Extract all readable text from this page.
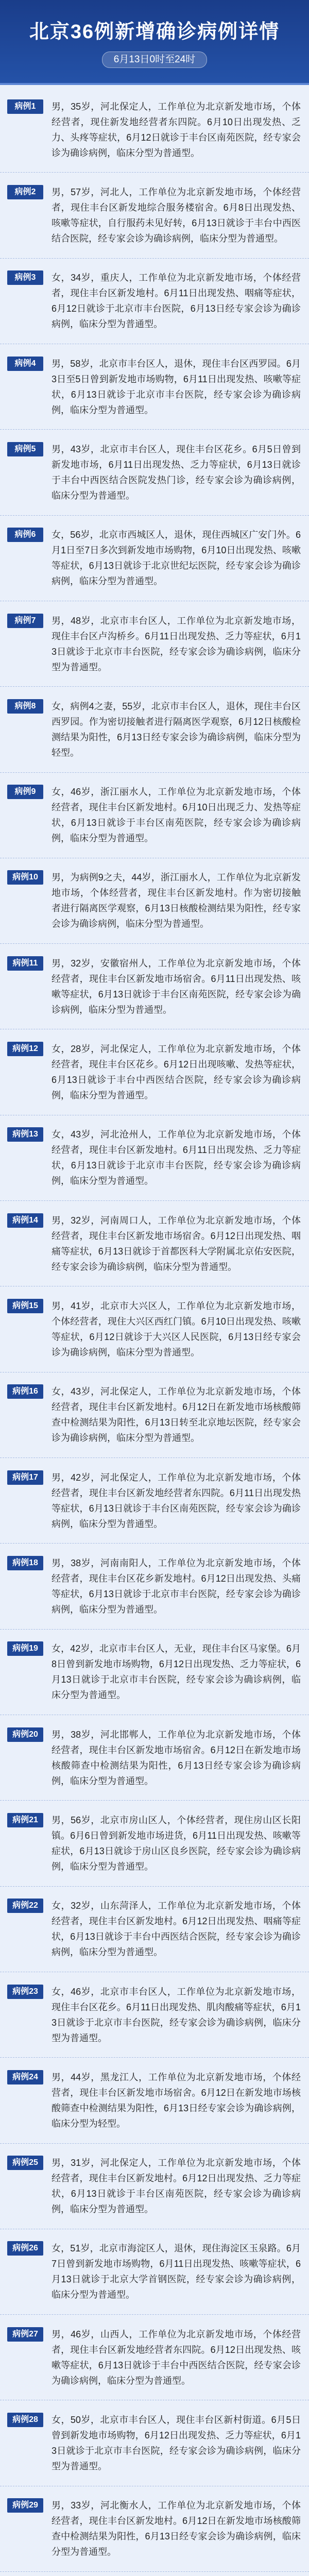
北京36例新增确诊病例详情
6月13日0时至24时
病例1	男，35岁，河北保定人，工作单位为北京新发地市场，个体经营者，现住新发地经营者东四院。6月10日出现发热、乏力、头疼等症状，6月12日就诊于丰台区南苑医院，经专家会诊为确诊病例，临床分型为普通型。

病例2	男，57岁，河北人，工作单位为北京新发地市场，个体经营者，现住丰台区新发地综合服务楼宿舍。6月8日出现发热、咳嗽等症状，自行服药未见好转，6月13日就诊于丰台中西医结合医院，经专家会诊为确诊病例，临床分型为普通型。

病例3	女，34岁，重庆人，工作单位为北京新发地市场，个体经营者，现住丰台区新发地村。6月11日出现发热、咽痛等症状，6月12日就诊于北京市丰台医院，6月13日经专家会诊为确诊病例，临床分型为普通型。

病例4	男，58岁，北京市丰台区人，退休，现住丰台区西罗园。6月3日至5日曾到新发地市场购物，6月11日出现发热、咳嗽等症状，6月13日就诊于北京市丰台医院，经专家会诊为确诊病例，临床分型为普通型。

病例5	男，43岁，北京市丰台区人，现住丰台区花乡。6月5日曾到新发地市场，6月11日出现发热、乏力等症状，6月13日就诊于丰台中西医结合医院发热门诊，经专家会诊为确诊病例，临床分型为普通型。

病例6	女，56岁，北京市西城区人，退休，现住西城区广安门外。6月1日至7日多次到新发地市场购物，6月10日出现发热、咳嗽等症状，6月13日就诊于北京世纪坛医院，经专家会诊为确诊病例，临床分型为普通型。

病例7	男，48岁，北京市丰台区人，工作单位为北京新发地市场，现住丰台区卢沟桥乡。6月11日出现发热、乏力等症状，6月13日就诊于北京市丰台医院，经专家会诊为确诊病例，临床分型为普通型。

病例8	女，病例4之妻，55岁，北京市丰台区人，退休，现住丰台区西罗园。作为密切接触者进行隔离医学观察，6月12日核酸检测结果为阳性，6月13日经专家会诊为确诊病例，临床分型为轻型。

病例9	女，46岁，浙江丽水人，工作单位为北京新发地市场，个体经营者，现住丰台区新发地村。6月10日出现乏力、发热等症状，6月13日就诊于丰台区南苑医院，经专家会诊为确诊病例，临床分型为普通型。

病例10	男，为病例9之夫，44岁，浙江丽水人，工作单位为北京新发地市场，个体经营者，现住丰台区新发地村。作为密切接触者进行隔离医学观察，6月13日核酸检测结果为阳性，经专家会诊为确诊病例，临床分型为普通型。

病例11	男，32岁，安徽宿州人，工作单位为北京新发地市场，个体经营者，现住丰台区新发地市场宿舍。6月11日出现发热、咳嗽等症状，6月13日就诊于丰台区南苑医院，经专家会诊为确诊病例，临床分型为普通型。

病例12	女，28岁，河北保定人，工作单位为北京新发地市场，个体经营者，现住丰台区花乡。6月12日出现咳嗽、发热等症状，6月13日就诊于丰台中西医结合医院，经专家会诊为确诊病例，临床分型为普通型。

病例13	女，43岁，河北沧州人，工作单位为北京新发地市场，个体经营者，现住丰台区新发地村。6月11日出现发热、乏力等症状，6月13日就诊于北京市丰台医院，经专家会诊为确诊病例，临床分型为普通型。

病例14	男，32岁，河南周口人，工作单位为北京新发地市场，个体经营者，现住丰台区新发地市场宿舍。6月12日出现发热、咽痛等症状，6月13日就诊于首都医科大学附属北京佑安医院，经专家会诊为确诊病例，临床分型为普通型。

病例15	男，41岁，北京市大兴区人，工作单位为北京新发地市场，个体经营者，现住大兴区西红门镇。6月10日出现发热、咳嗽等症状，6月12日就诊于大兴区人民医院，6月13日经专家会诊为确诊病例，临床分型为普通型。

病例16	女，43岁，河北保定人，工作单位为北京新发地市场，个体经营者，现住丰台区新发地村。6月12日在新发地市场核酸筛查中检测结果为阳性，6月13日转至北京地坛医院，经专家会诊为确诊病例，临床分型为普通型。

病例17	男，42岁，河北保定人，工作单位为北京新发地市场，个体经营者，现住丰台区新发地经营者东四院。6月11日出现发热等症状，6月13日就诊于丰台区南苑医院，经专家会诊为确诊病例，临床分型为普通型。

病例18	男，38岁，河南南阳人，工作单位为北京新发地市场，个体经营者，现住丰台区花乡新发地村。6月12日出现发热、头痛等症状，6月13日就诊于北京市丰台医院，经专家会诊为确诊病例，临床分型为普通型。

病例19	女，42岁，北京市丰台区人，无业，现住丰台区马家堡。6月8日曾到新发地市场购物，6月12日出现发热、乏力等症状，6月13日就诊于北京市丰台医院，经专家会诊为确诊病例，临床分型为普通型。

病例20	男，38岁，河北邯郸人，工作单位为北京新发地市场，个体经营者，现住丰台区新发地市场宿舍。6月12日在新发地市场核酸筛查中检测结果为阳性，6月13日经专家会诊为确诊病例，临床分型为普通型。

病例21	男，56岁，北京市房山区人，个体经营者，现住房山区长阳镇。6月6日曾到新发地市场进货，6月11日出现发热、咳嗽等症状，6月13日就诊于房山区良乡医院，经专家会诊为确诊病例，临床分型为普通型。

病例22	女，32岁，山东菏泽人，工作单位为北京新发地市场，个体经营者，现住丰台区新发地村。6月12日出现发热、咽痛等症状，6月13日就诊于丰台中西医结合医院，经专家会诊为确诊病例，临床分型为普通型。

病例23	女，46岁，北京市丰台区人，工作单位为北京新发地市场，现住丰台区花乡。6月11日出现发热、肌肉酸痛等症状，6月13日就诊于北京市丰台医院，经专家会诊为确诊病例，临床分型为普通型。

病例24	男，44岁，黑龙江人，工作单位为北京新发地市场，个体经营者，现住丰台区新发地市场宿舍。6月12日在新发地市场核酸筛查中检测结果为阳性，6月13日经专家会诊为确诊病例，临床分型为轻型。

病例25	男，31岁，河北保定人，工作单位为北京新发地市场，个体经营者，现住丰台区新发地村。6月12日出现发热、乏力等症状，6月13日就诊于丰台区南苑医院，经专家会诊为确诊病例，临床分型为普通型。

病例26	女，51岁，北京市海淀区人，退休，现住海淀区玉泉路。6月7日曾到新发地市场购物，6月11日出现发热、咳嗽等症状，6月13日就诊于北京大学首钢医院，经专家会诊为确诊病例，临床分型为普通型。

病例27	男，46岁，山西人，工作单位为北京新发地市场，个体经营者，现住丰台区新发地经营者东四院。6月12日出现发热、咳嗽等症状，6月13日就诊于丰台中西医结合医院，经专家会诊为确诊病例，临床分型为普通型。

病例28	女，50岁，北京市丰台区人，现住丰台区新村街道。6月5日曾到新发地市场购物，6月12日出现发热、乏力等症状，6月13日就诊于北京市丰台医院，经专家会诊为确诊病例，临床分型为普通型。

病例29	男，33岁，河北衡水人，工作单位为北京新发地市场，个体经营者，现住丰台区新发地村。6月12日在新发地市场核酸筛查中检测结果为阳性，6月13日经专家会诊为确诊病例，临床分型为普通型。
